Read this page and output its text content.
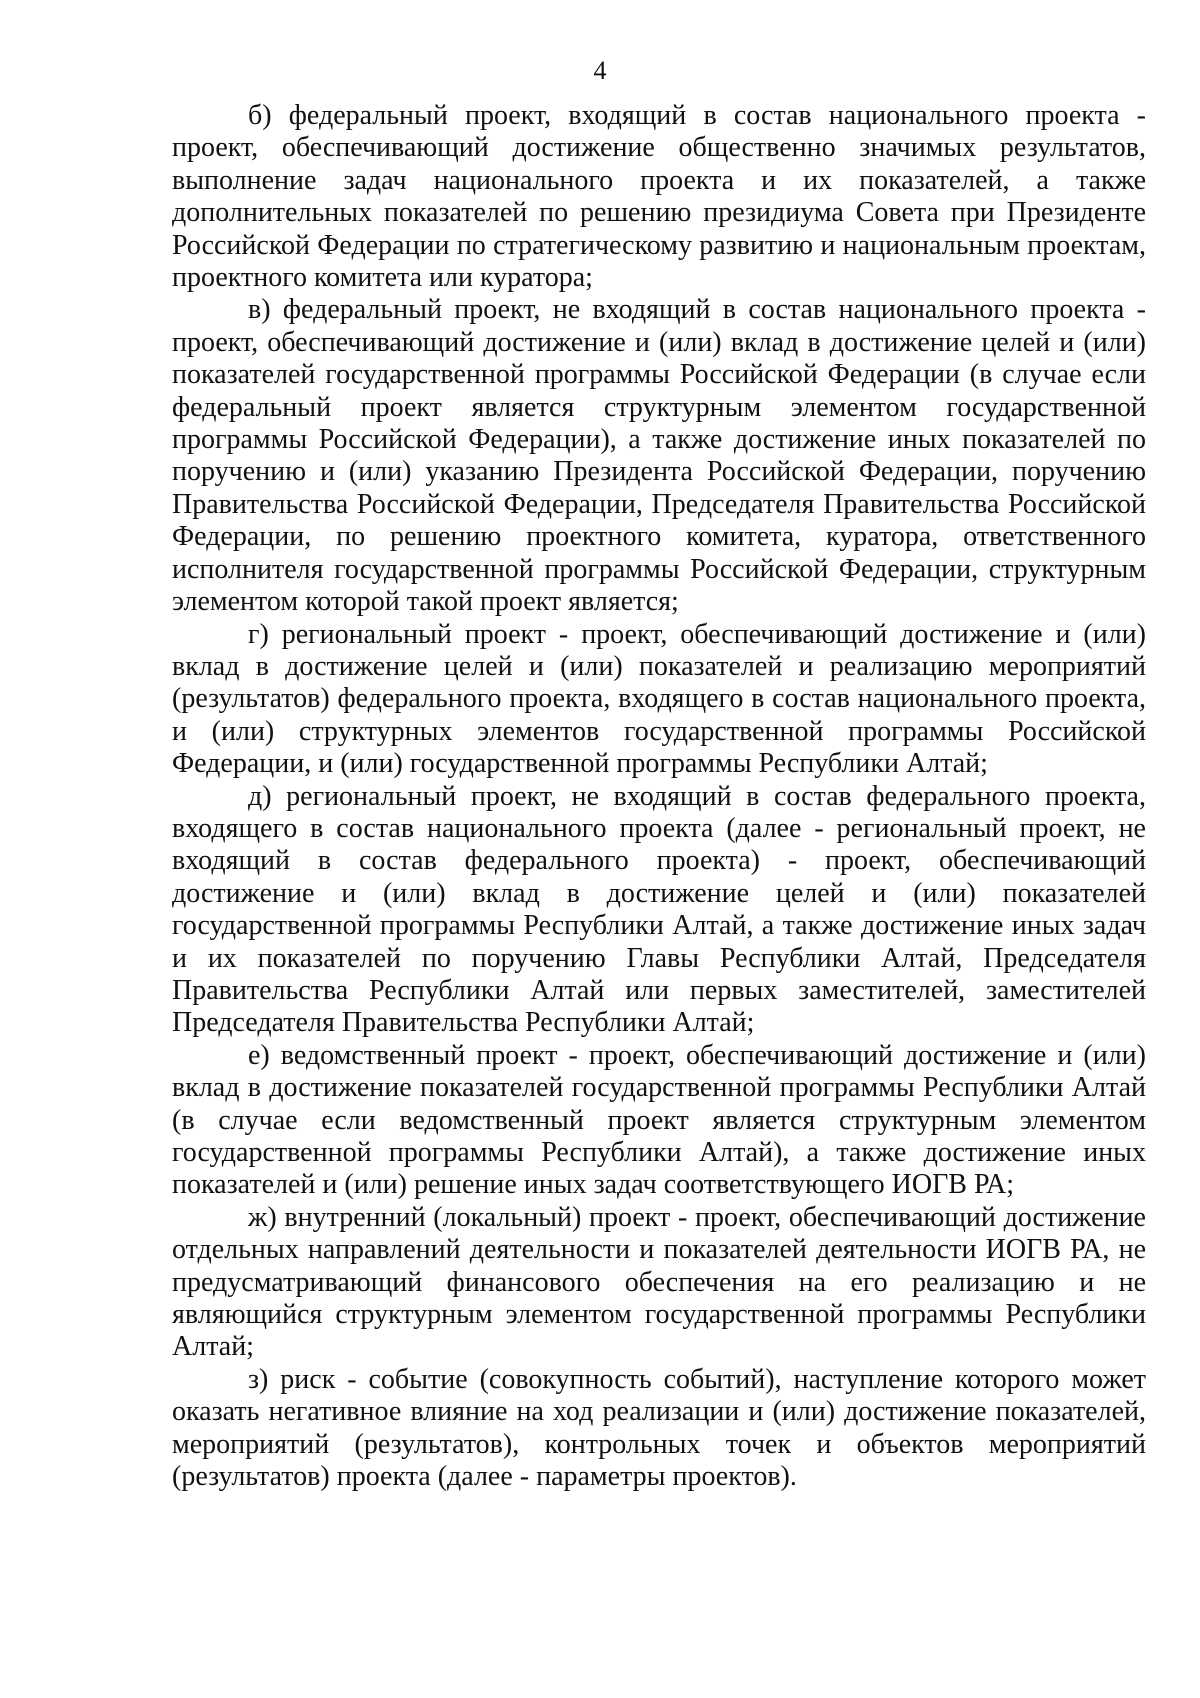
4

б) федеральный проект, входящий в состав национального проекта - проект, обеспечивающий достижение общественно значимых результатов, выполнение задач национального проекта и их показателей, а также дополнительных показателей по решению президиума Совета при Президенте Российской Федерации по стратегическому развитию и национальным проектам, проектного комитета или куратора;

в) федеральный проект, не входящий в состав национального проекта - проект, обеспечивающий достижение и (или) вклад в достижение целей и (или) показателей государственной программы Российской Федерации (в случае если федеральный проект является структурным элементом государственной программы Российской Федерации), а также достижение иных показателей по поручению и (или) указанию Президента Российской Федерации, поручению Правительства Российской Федерации, Председателя Правительства Российской Федерации, по решению проектного комитета, куратора, ответственного исполнителя государственной программы Российской Федерации, структурным элементом которой такой проект является;

г) региональный проект - проект, обеспечивающий достижение и (или) вклад в достижение целей и (или) показателей и реализацию мероприятий (результатов) федерального проекта, входящего в состав национального проекта, и (или) структурных элементов государственной программы Российской Федерации, и (или) государственной программы Республики Алтай;

д) региональный проект, не входящий в состав федерального проекта, входящего в состав национального проекта (далее - региональный проект, не входящий в состав федерального проекта) - проект, обеспечивающий достижение и (или) вклад в достижение целей и (или) показателей государственной программы Республики Алтай, а также достижение иных задач и их показателей по поручению Главы Республики Алтай, Председателя Правительства Республики Алтай или первых заместителей, заместителей Председателя Правительства Республики Алтай;

е) ведомственный проект - проект, обеспечивающий достижение и (или) вклад в достижение показателей государственной программы Республики Алтай (в случае если ведомственный проект является структурным элементом государственной программы Республики Алтай), а также достижение иных показателей и (или) решение иных задач соответствующего ИОГВ РА;

ж) внутренний (локальный) проект - проект, обеспечивающий достижение отдельных направлений деятельности и показателей деятельности ИОГВ РА, не предусматривающий финансового обеспечения на его реализацию и не являющийся структурным элементом государственной программы Республики Алтай;

з) риск - событие (совокупность событий), наступление которого может оказать негативное влияние на ход реализации и (или) достижение показателей, мероприятий (результатов), контрольных точек и объектов мероприятий (результатов) проекта (далее - параметры проектов).
